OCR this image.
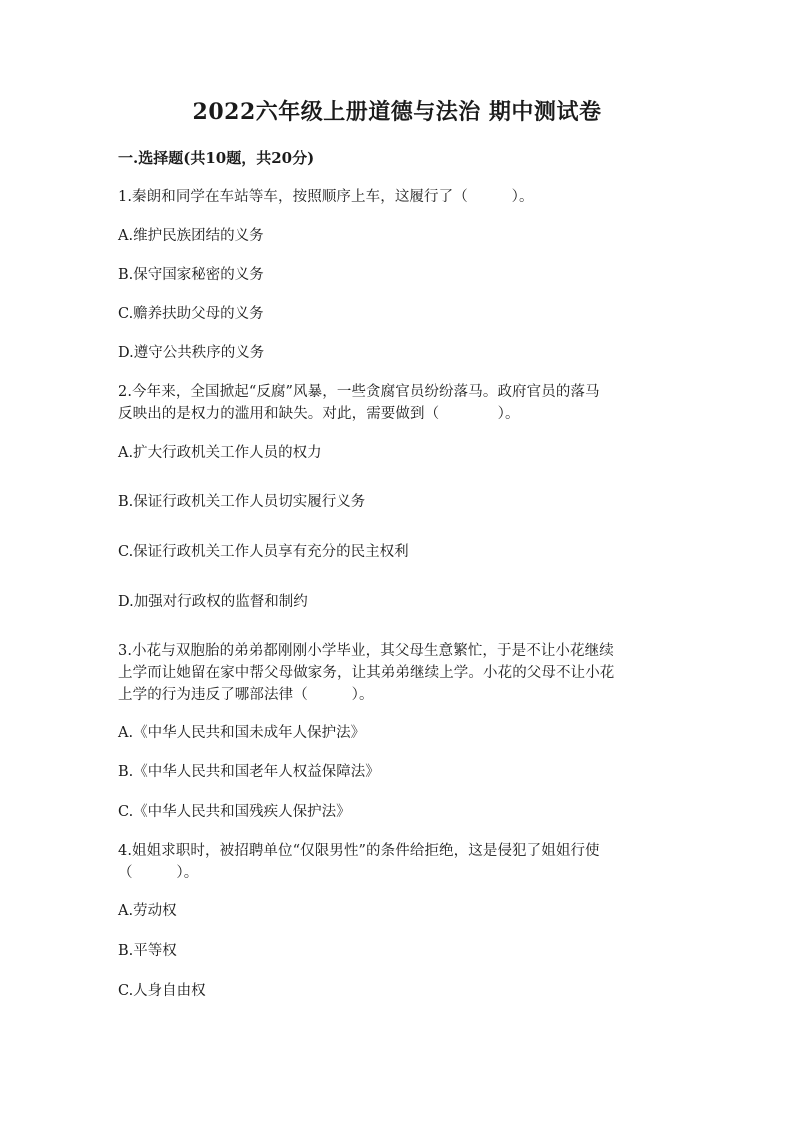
2022六年级上册道德与法治 期中测试卷
一.选择题(共10题，共20分)
1.秦朗和同学在车站等车，按照顺序上车，这履行了（　　　）。
A.维护民族团结的义务
B.保守国家秘密的义务
C.赡养扶助父母的义务
D.遵守公共秩序的义务
2.今年来，全国掀起“反腐”风暴，一些贪腐官员纷纷落马。政府官员的落马
反映出的是权力的滥用和缺失。对此，需要做到（　　　　）。
A.扩大行政机关工作人员的权力
B.保证行政机关工作人员切实履行义务
C.保证行政机关工作人员享有充分的民主权利
D.加强对行政权的监督和制约
3.小花与双胞胎的弟弟都刚刚小学毕业，其父母生意繁忙，于是不让小花继续
上学而让她留在家中帮父母做家务，让其弟弟继续上学。小花的父母不让小花
上学的行为违反了哪部法律（　　　）。
A.《中华人民共和国未成年人保护法》
B.《中华人民共和国老年人权益保障法》
C.《中华人民共和国残疾人保护法》
4.姐姐求职时，被招聘单位“仅限男性”的条件给拒绝，这是侵犯了姐姐行使
（　　　）。
A.劳动权
B.平等权
C.人身自由权
